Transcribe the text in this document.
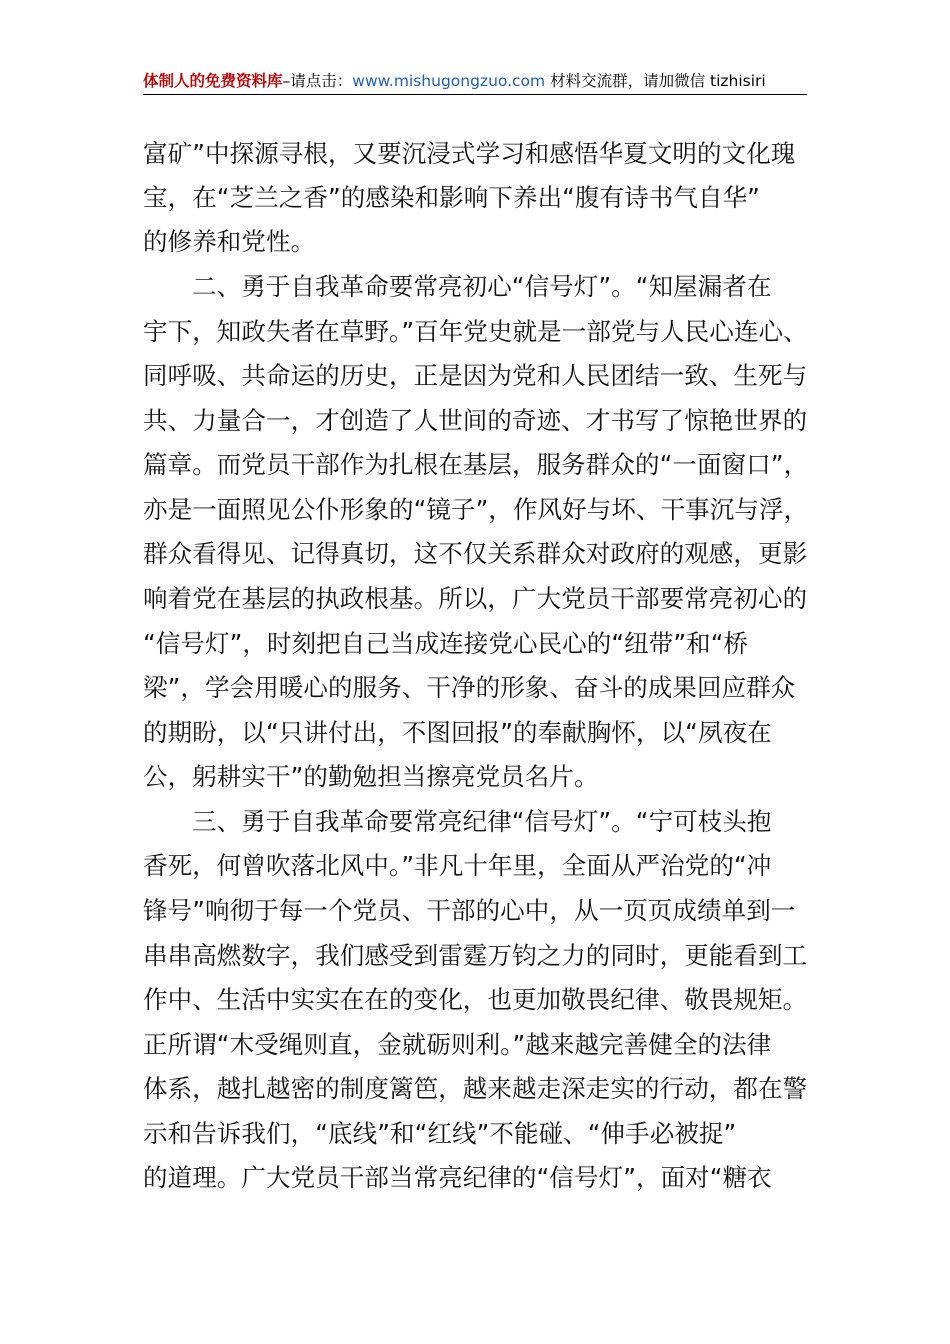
体制人的免费资料库–请点击：www.mishugongzuo.com 材料交流群，请加微信 tizhisiri
富矿”中探源寻根，又要沉浸式学习和感悟华夏文明的文化瑰
宝，在“芝兰之香”的感染和影响下养出“腹有诗书气自华”
的修养和党性。
二、勇于自我革命要常亮初心“信号灯”。“知屋漏者在
宇下，知政失者在草野。”百年党史就是一部党与人民心连心、
同呼吸、共命运的历史，正是因为党和人民团结一致、生死与
共、力量合一，才创造了人世间的奇迹、才书写了惊艳世界的
篇章。而党员干部作为扎根在基层，服务群众的“一面窗口”，
亦是一面照见公仆形象的“镜子”，作风好与坏、干事沉与浮，
群众看得见、记得真切，这不仅关系群众对政府的观感，更影
响着党在基层的执政根基。所以，广大党员干部要常亮初心的
“信号灯”，时刻把自己当成连接党心民心的“纽带”和“桥
梁”，学会用暖心的服务、干净的形象、奋斗的成果回应群众
的期盼，以“只讲付出，不图回报”的奉献胸怀，以“夙夜在
公，躬耕实干”的勤勉担当擦亮党员名片。
三、勇于自我革命要常亮纪律“信号灯”。“宁可枝头抱
香死，何曾吹落北风中。”非凡十年里，全面从严治党的“冲
锋号”响彻于每一个党员、干部的心中，从一页页成绩单到一
串串高燃数字，我们感受到雷霆万钧之力的同时，更能看到工
作中、生活中实实在在的变化，也更加敬畏纪律、敬畏规矩。
正所谓“木受绳则直，金就砺则利。”越来越完善健全的法律
体系，越扎越密的制度篱笆，越来越走深走实的行动，都在警
示和告诉我们，“底线”和“红线”不能碰、“伸手必被捉”
的道理。广大党员干部当常亮纪律的“信号灯”，面对“糖衣
